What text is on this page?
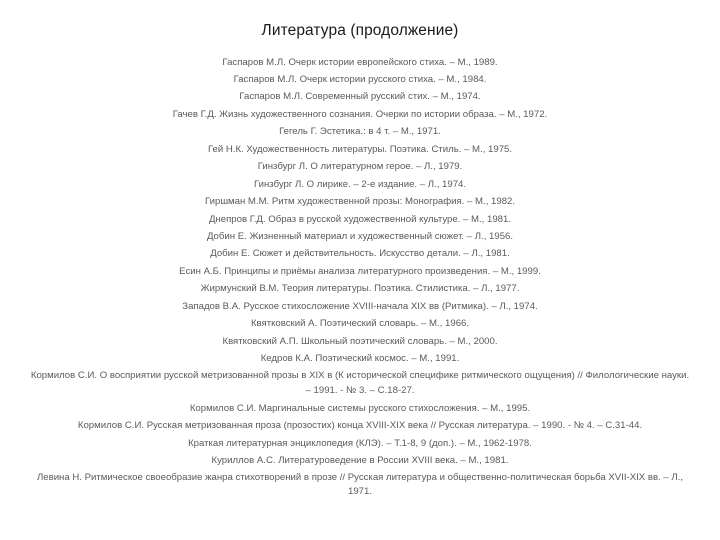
Литература (продолжение)
Гаспаров М.Л. Очерк истории европейского стиха. – М., 1989.
Гаспаров М.Л. Очерк истории русского стиха. – М., 1984.
Гаспаров М.Л. Современный русский стих. – М., 1974.
Гачев Г.Д. Жизнь художественного сознания. Очерки по истории образа. – М., 1972.
Гегель Г. Эстетика.: в 4 т. – М., 1971.
Гей Н.К. Художественность литературы. Поэтика. Стиль. – М., 1975.
Гинзбург Л. О литературном герое. – Л., 1979.
Гинзбург Л. О лирике. – 2-е издание. – Л., 1974.
Гиршман М.М. Ритм художественной прозы: Монография. – М., 1982.
Днепров Г.Д. Образ в русской художественной культуре. – М., 1981.
Добин Е. Жизненный материал и художественный сюжет. – Л., 1956.
Добин Е. Сюжет и действительность. Искусство детали. – Л., 1981.
Есин А.Б. Принципы и приёмы анализа литературного произведения. – М., 1999.
Жирмунский В.М. Теория литературы. Поэтика. Стилистика. – Л., 1977.
Западов В.А. Русское стихосложение XVIII-начала XIX вв (Ритмика). – Л., 1974.
Квятковский А. Поэтический словарь. – М., 1966.
Квятковский А.П. Школьный поэтический словарь. – М., 2000.
Кедров К.А. Поэтический космос. – М., 1991.
Кормилов С.И. О восприятии русской метризованной прозы в XIX в (К исторической специфике ритмического ощущения) // Филологические науки. – 1991. - № 3. – С.18-27.
Кормилов С.И. Маргинальные системы русского стихосложения. – М., 1995.
Кормилов С.И. Русская метризованная проза (прозостих) конца XVIII-XIX века // Русская литература. – 1990. - № 4. – С.31-44.
Краткая литературная энциклопедия (КЛЭ). – Т.1-8, 9 (доп.). – М., 1962-1978.
Куриллов А.С. Литературоведение в России XVIII века. – М., 1981.
Левина Н. Ритмическое своеобразие жанра стихотворений в прозе // Русская литература и общественно-политическая борьба XVII-XIX вв. – Л., 1971.
